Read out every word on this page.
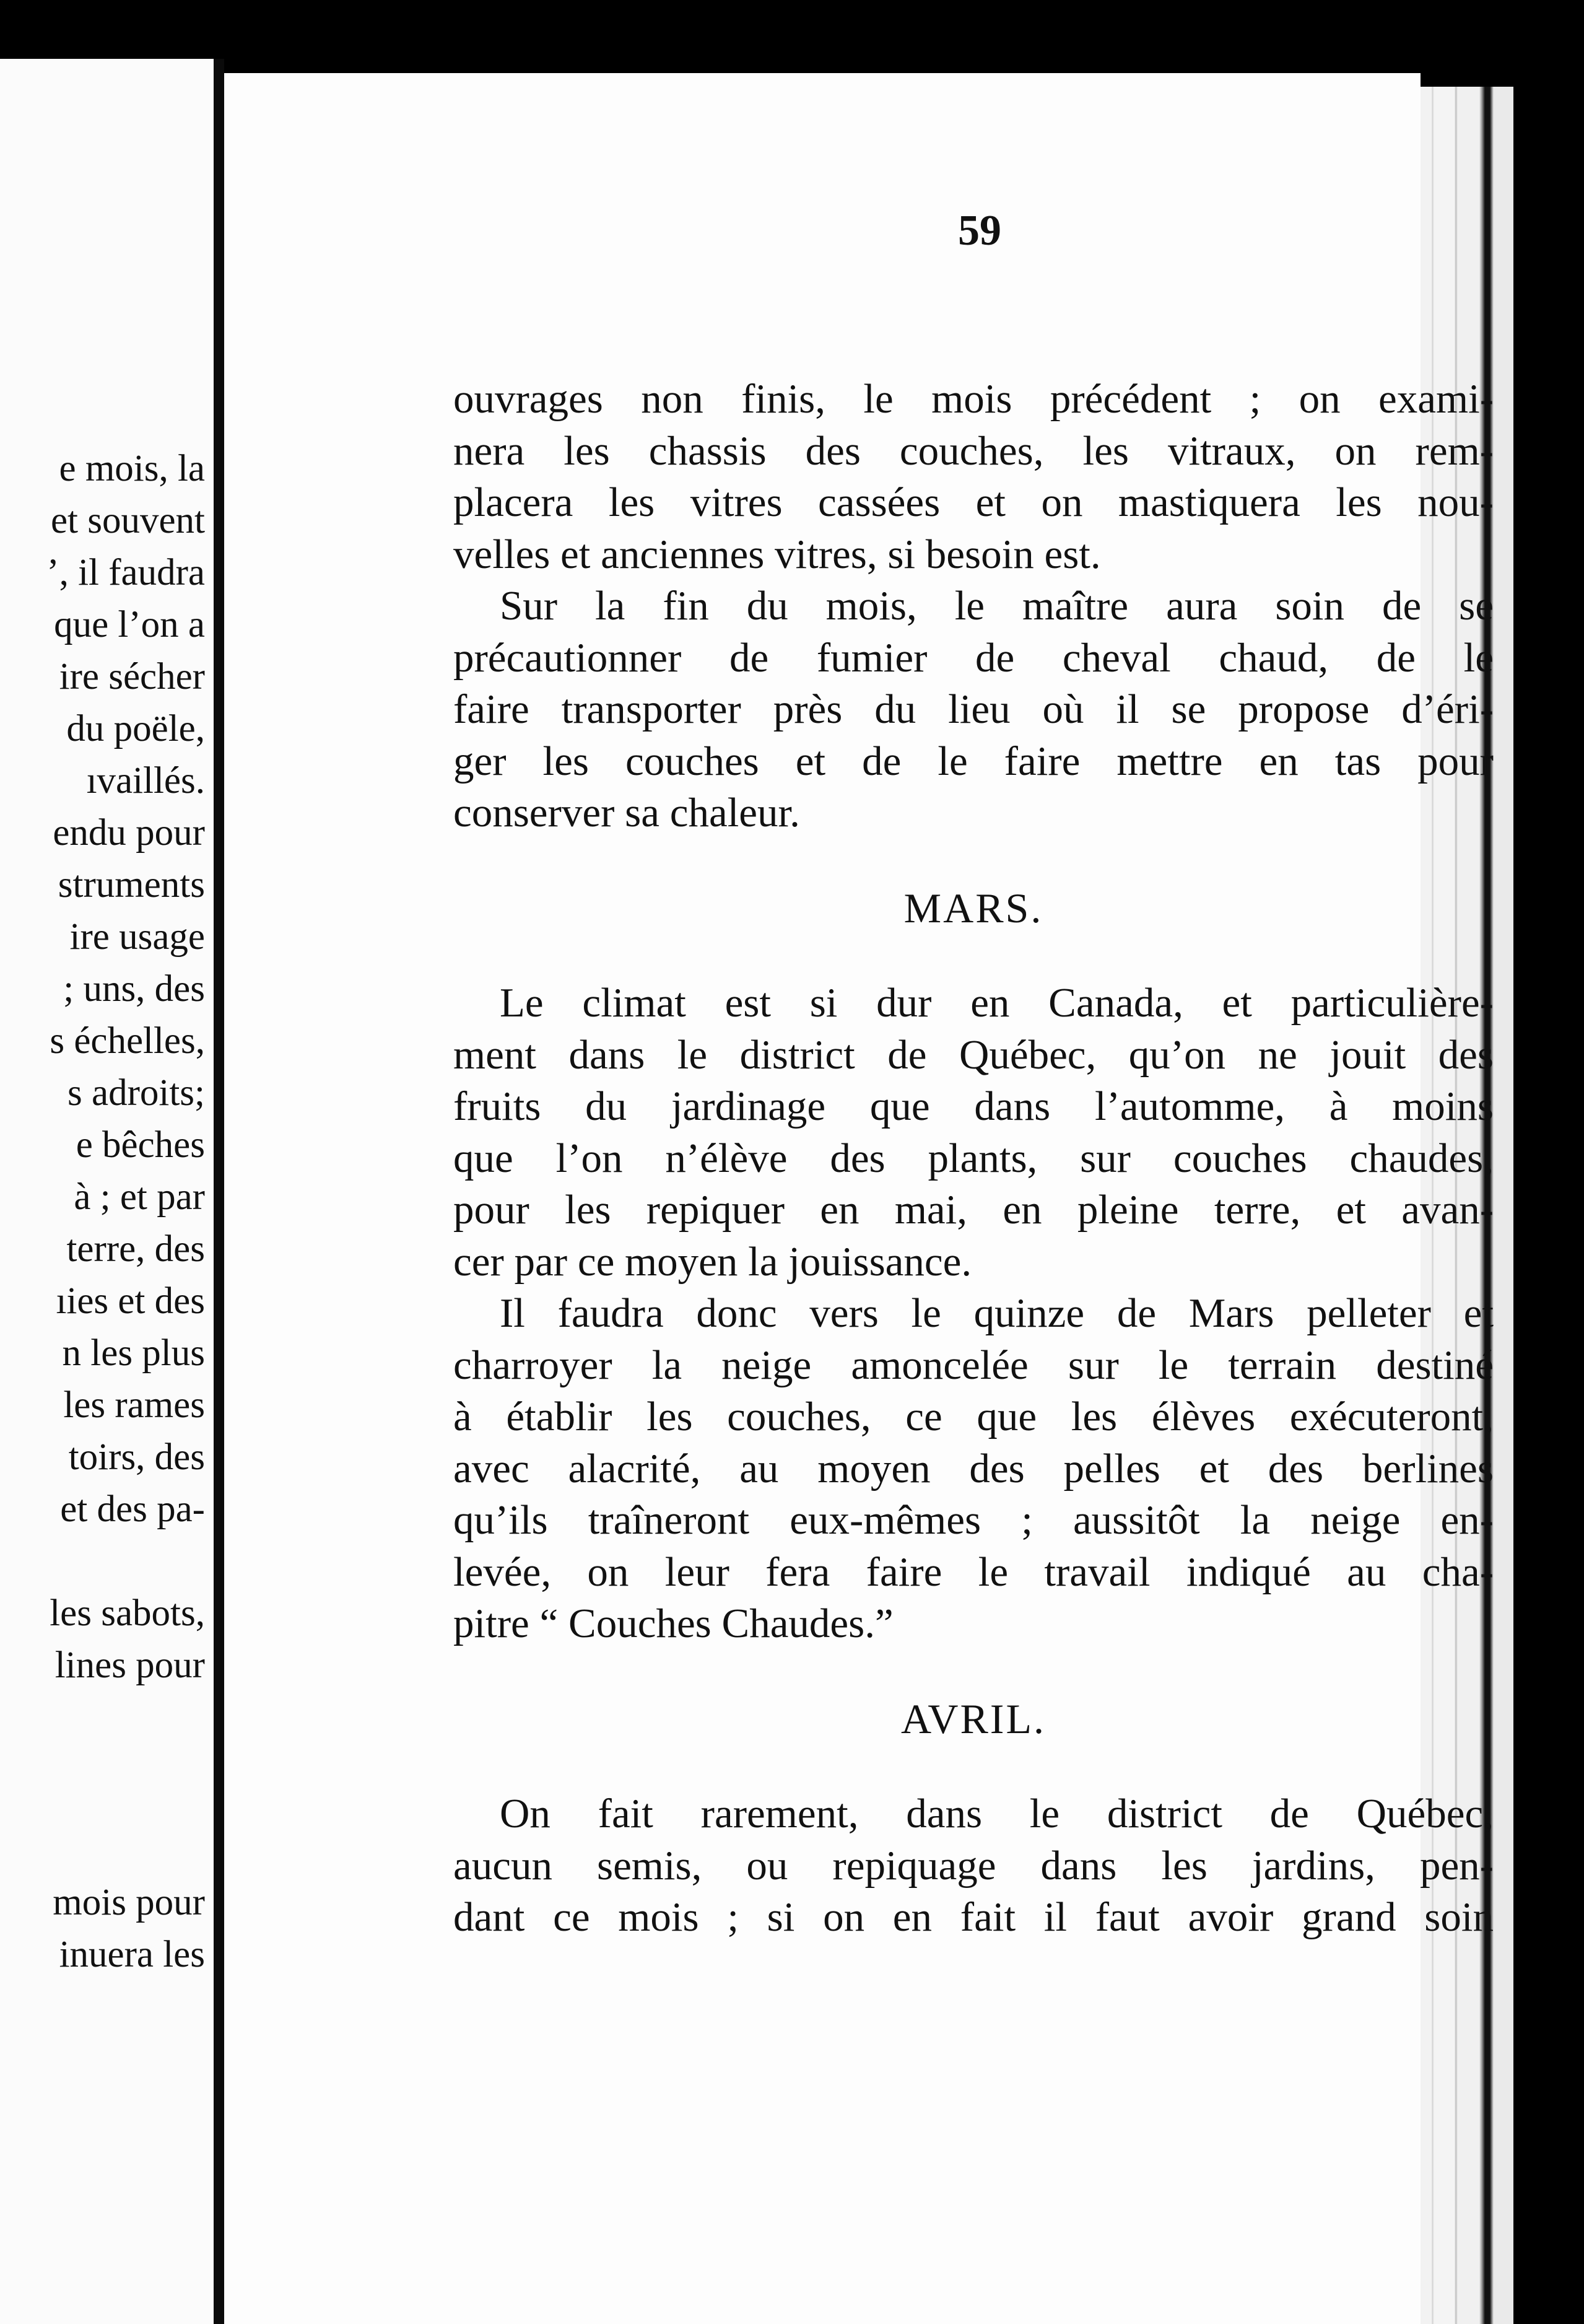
e mois, la
et souvent
’, il faudra
que l’on a
ire sécher
du poële,
ıvaillés.
endu pour
struments
ire usage
; uns, des
s échelles,
s adroits;
e bêches
à ; et par
terre, des
ıies et des
n les plus
les rames
toirs, des
et des pa-
les sabots,
lines pour
mois pour
inuera les
59
ouvrages non finis, le mois précédent ; on exami-
nera les chassis des couches, les vitraux, on rem-
placera les vitres cassées et on mastiquera les nou-
velles et anciennes vitres, si besoin est.
Sur la fin du mois, le maître aura soin de se
précautionner de fumier de cheval chaud, de le
faire transporter près du lieu où il se propose d’éri-
ger les couches et de le faire mettre en tas pour
conserver sa chaleur.
MARS.
Le climat est si dur en Canada, et particulière-
ment dans le district de Québec, qu’on ne jouit des
fruits du jardinage que dans l’automme, à moins
que l’on n’élève des plants, sur couches chaudes,
pour les repiquer en mai, en pleine terre, et avan-
cer par ce moyen la jouissance.
Il faudra donc vers le quinze de Mars pelleter et
charroyer la neige amoncelée sur le terrain destiné
à établir les couches, ce que les élèves exécuteront,
avec alacrité, au moyen des pelles et des berlines
qu’ils traîneront eux-mêmes ; aussitôt la neige en-
levée, on leur fera faire le travail indiqué au cha-
pitre “ Couches Chaudes.”
AVRIL.
On fait rarement, dans le district de Québec,
aucun semis, ou repiquage dans les jardins, pen-
dant ce mois ; si on en fait il faut avoir grand soin
